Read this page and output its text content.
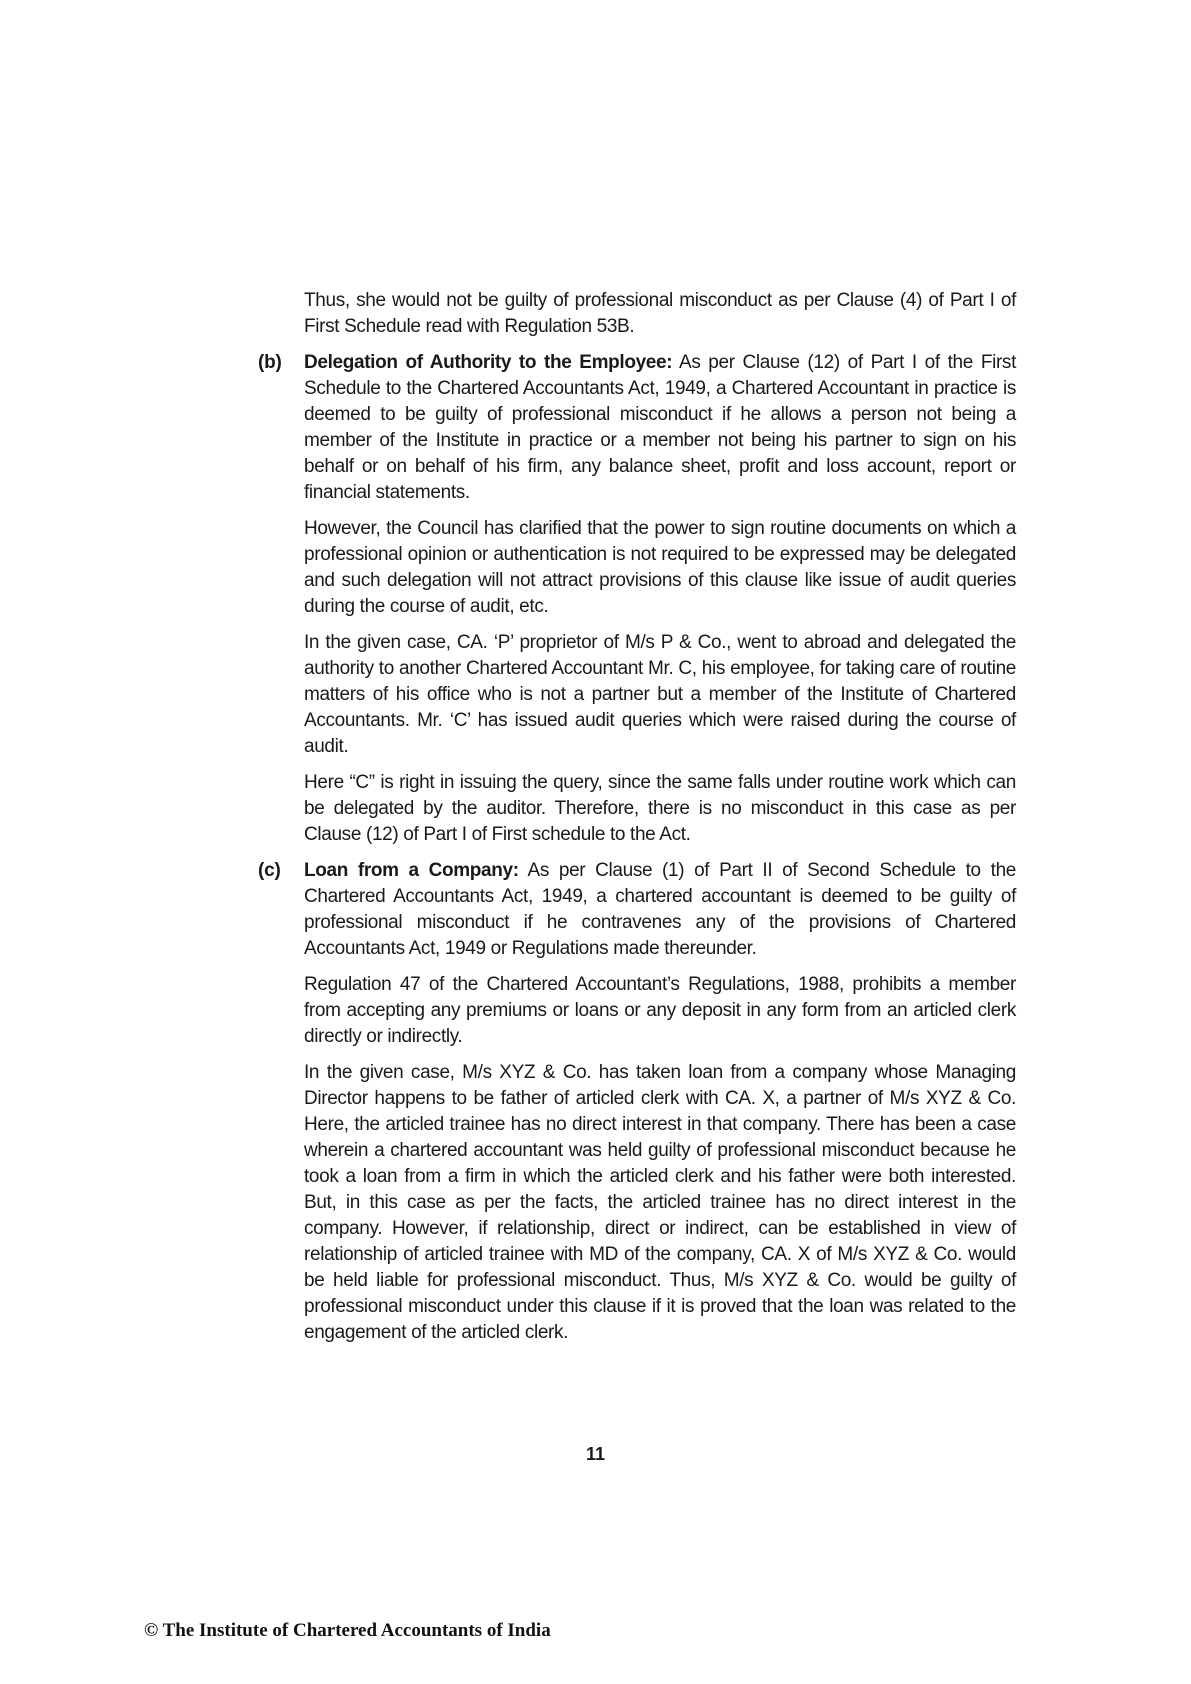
Thus, she would not be guilty of professional misconduct as per Clause (4) of Part I of First Schedule read with Regulation 53B.

(b) Delegation of Authority to the Employee: As per Clause (12) of Part I of the First Schedule to the Chartered Accountants Act, 1949, a Chartered Accountant in practice is deemed to be guilty of professional misconduct if he allows a person not being a member of the Institute in practice or a member not being his partner to sign on his behalf or on behalf of his firm, any balance sheet, profit and loss account, report or financial statements.

However, the Council has clarified that the power to sign routine documents on which a professional opinion or authentication is not required to be expressed may be delegated and such delegation will not attract provisions of this clause like issue of audit queries during the course of audit, etc.

In the given case, CA. ‘P’ proprietor of M/s P & Co., went to abroad and delegated the authority to another Chartered Accountant Mr. C, his employee, for taking care of routine matters of his office who is not a partner but a member of the Institute of Chartered Accountants. Mr. ‘C’ has issued audit queries which were raised during the course of audit.

Here “C” is right in issuing the query, since the same falls under routine work which can be delegated by the auditor. Therefore, there is no misconduct in this case as per Clause (12) of Part I of First schedule to the Act.

(c) Loan from a Company: As per Clause (1) of Part II of Second Schedule to the Chartered Accountants Act, 1949, a chartered accountant is deemed to be guilty of professional misconduct if he contravenes any of the provisions of Chartered Accountants Act, 1949 or Regulations made thereunder.

Regulation 47 of the Chartered Accountant’s Regulations, 1988, prohibits a member from accepting any premiums or loans or any deposit in any form from an articled clerk directly or indirectly.

In the given case, M/s XYZ & Co. has taken loan from a company whose Managing Director happens to be father of articled clerk with CA. X, a partner of M/s XYZ & Co. Here, the articled trainee has no direct interest in that company. There has been a case wherein a chartered accountant was held guilty of professional misconduct because he took a loan from a firm in which the articled clerk and his father were both interested. But, in this case as per the facts, the articled trainee has no direct interest in the company. However, if relationship, direct or indirect, can be established in view of relationship of articled trainee with MD of the company, CA. X of M/s XYZ & Co. would be held liable for professional misconduct. Thus, M/s XYZ & Co. would be guilty of professional misconduct under this clause if it is proved that the loan was related to the engagement of the articled clerk.

11
© The Institute of Chartered Accountants of India
